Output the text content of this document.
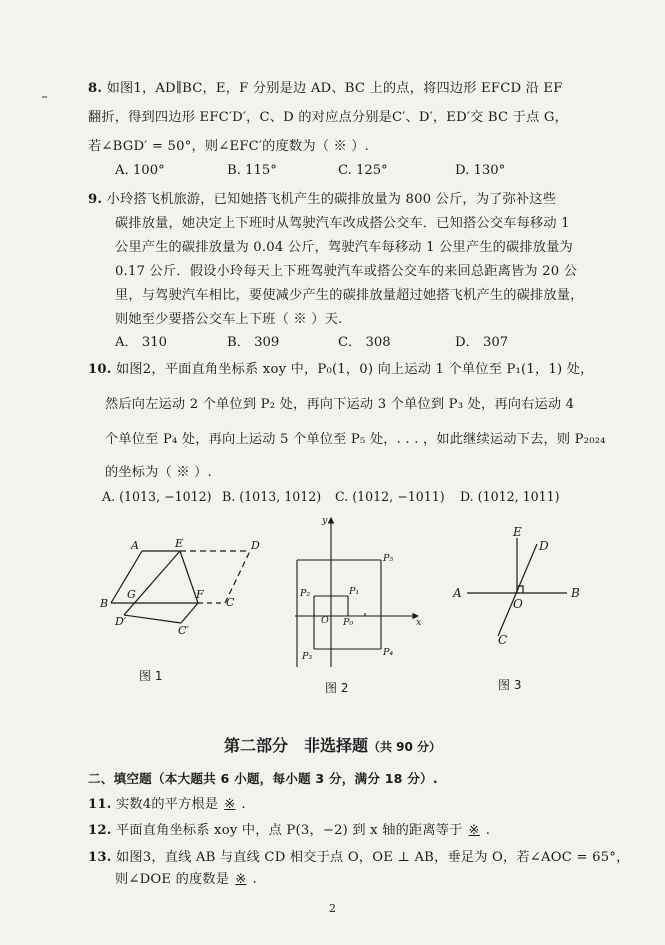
8. 如图1，AD∥BC，E，F 分别是边 AD、BC 上的点，将四边形 EFCD 沿 EF
翻折，得到四边形 EFC′D′，C、D 的对应点分别是C′、D′，ED′交 BC 于点 G，
若∠BGD′ = 50°，则∠EFC′的度数为（ ※ ）.
A. 100°	B. 115°	C. 125°	D. 130°
9. 小玲搭飞机旅游，已知她搭飞机产生的碳排放量为 800 公斤，为了弥补这些
碳排放量，她决定上下班时从驾驶汽车改成搭公交车．已知搭公交车每移动 1
公里产生的碳排放量为 0.04 公斤，驾驶汽车每移动 1 公里产生的碳排放量为
0.17 公斤．假设小玲每天上下班驾驶汽车或搭公交车的来回总距离皆为 20 公
里，与驾驶汽车相比，要使减少产生的碳排放量超过她搭飞机产生的碳排放量，
则她至少要搭公交车上下班（ ※ ）天.
A． 310	B． 309	C． 308	D． 307
10. 如图2，平面直角坐标系 xoy 中，P₀(1，0) 向上运动 1 个单位至 P₁(1，1) 处，
然后向左运动 2 个单位到 P₂ 处，再向下运动 3 个单位到 P₃ 处，再向右运动 4
个单位至 P₄ 处，再向上运动 5 个单位至 P₅ 处，. . . ，如此继续运动下去，则 P₂₀₂₄
的坐标为（ ※ ）.
A. (1013, −1012) B. (1013, 1012) C. (1012, −1011) D. (1012, 1011)
A	E	D
B
G	F
C
D′
C′
图 1
y
x
O P₀
P₁
P₂
P₃	P₄
P₅
图 2
E
D
A	B
O
C
图 3
第二部分　非选择题（共 90 分）
二、填空题（本大题共 6 小题，每小题 3 分，满分 18 分）.
11. 实数4的平方根是 ※ .
12. 平面直角坐标系 xoy 中，点 P(3，−2) 到 x 轴的距离等于 ※ .
13. 如图3，直线 AB 与直线 CD 相交于点 O，OE ⊥ AB，垂足为 O，若∠AOC = 65°，
则∠DOE 的度数是 ※ .
2
